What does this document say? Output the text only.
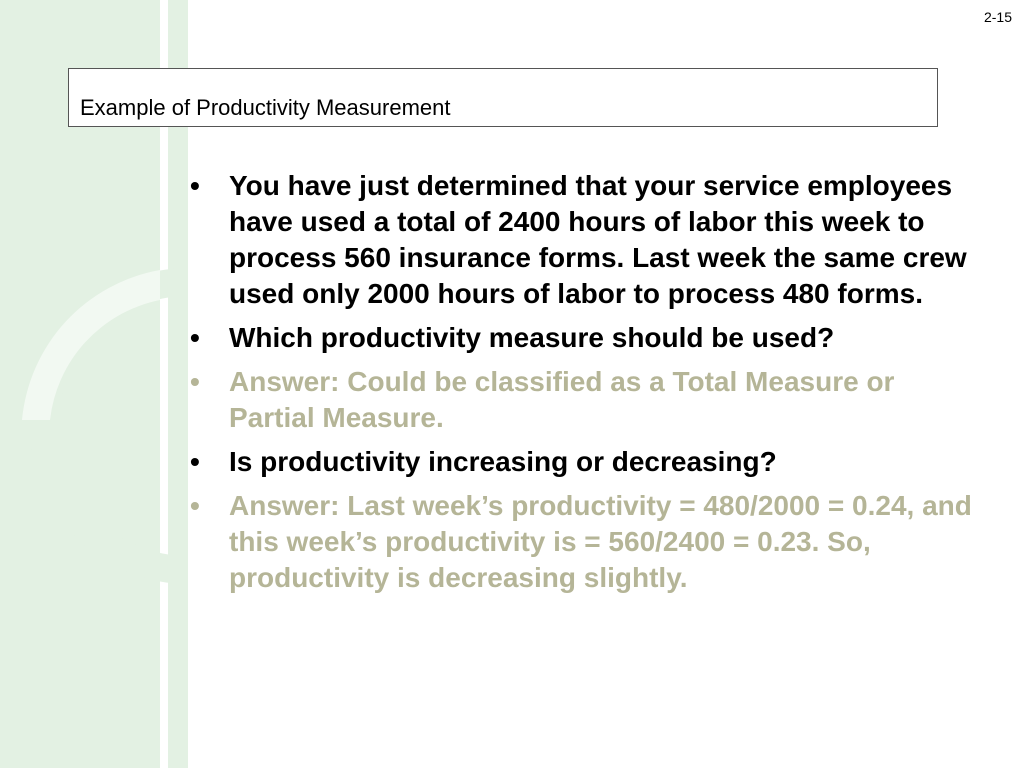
2-15
Example of Productivity Measurement
• You have just determined that your service employees have used a total of 2400 hours of labor this week to process 560 insurance forms. Last week the same crew used only 2000 hours of labor to process 480 forms.
• Which productivity measure should be used?
• Answer: Could be classified as a Total Measure or Partial Measure.
• Is productivity increasing or decreasing?
• Answer: Last week’s productivity = 480/2000 = 0.24, and this week’s productivity is = 560/2400 = 0.23. So, productivity is decreasing slightly.
